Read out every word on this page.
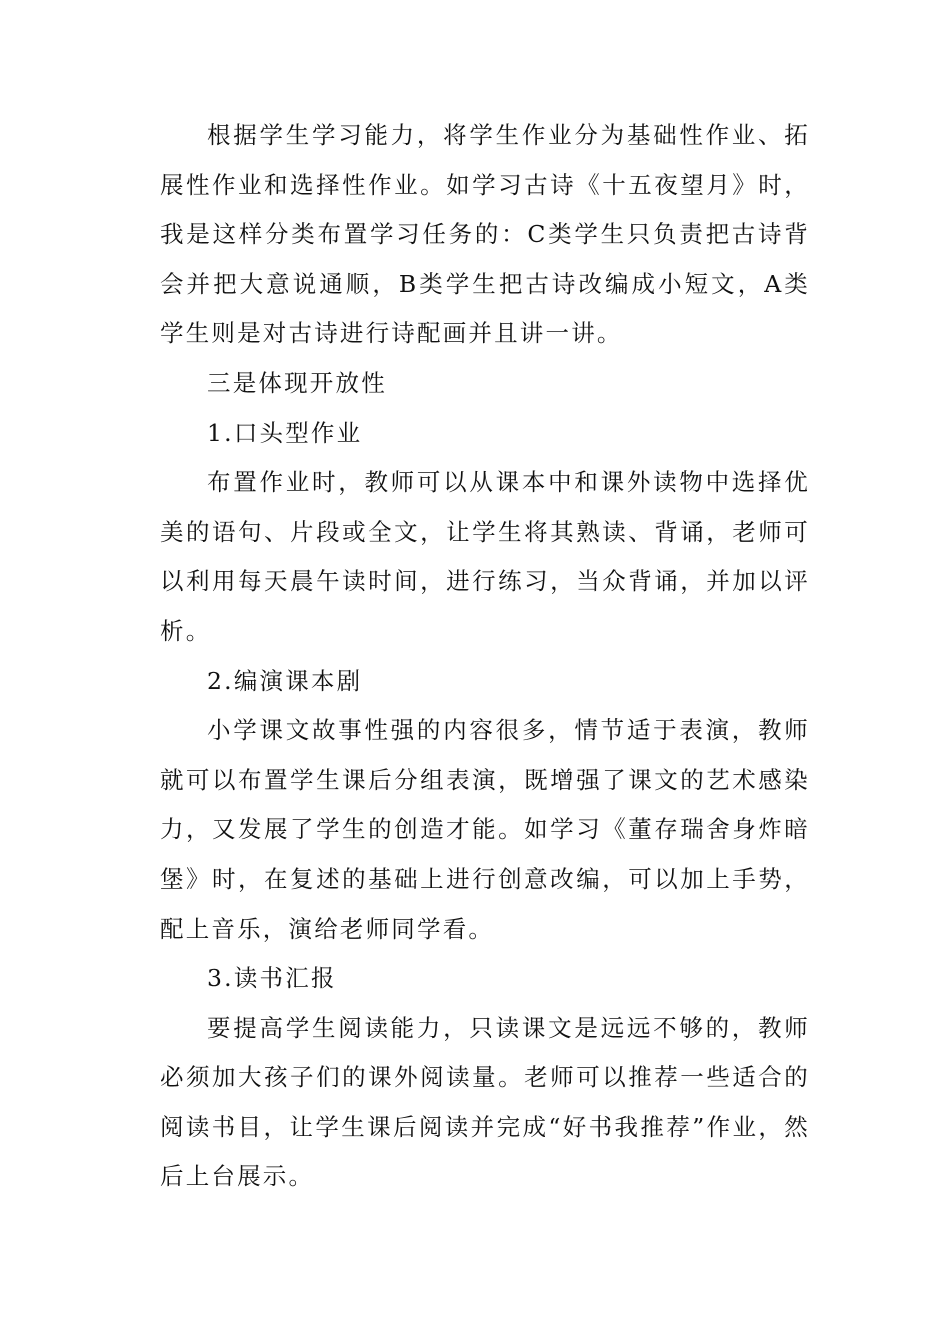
根据学生学习能力，将学生作业分为基础性作业、拓展性作业和选择性作业。如学习古诗《十五夜望月》时，我是这样分类布置学习任务的：C类学生只负责把古诗背会并把大意说通顺，B类学生把古诗改编成小短文，A类学生则是对古诗进行诗配画并且讲一讲。

三是体现开放性

1.口头型作业

布置作业时，教师可以从课本中和课外读物中选择优美的语句、片段或全文，让学生将其熟读、背诵，老师可以利用每天晨午读时间，进行练习，当众背诵，并加以评析。

2.编演课本剧

小学课文故事性强的内容很多，情节适于表演，教师就可以布置学生课后分组表演，既增强了课文的艺术感染力，又发展了学生的创造才能。如学习《董存瑞舍身炸暗堡》时，在复述的基础上进行创意改编，可以加上手势，配上音乐，演给老师同学看。

3.读书汇报

要提高学生阅读能力，只读课文是远远不够的，教师必须加大孩子们的课外阅读量。老师可以推荐一些适合的阅读书目，让学生课后阅读并完成“好书我推荐”作业，然后上台展示。
